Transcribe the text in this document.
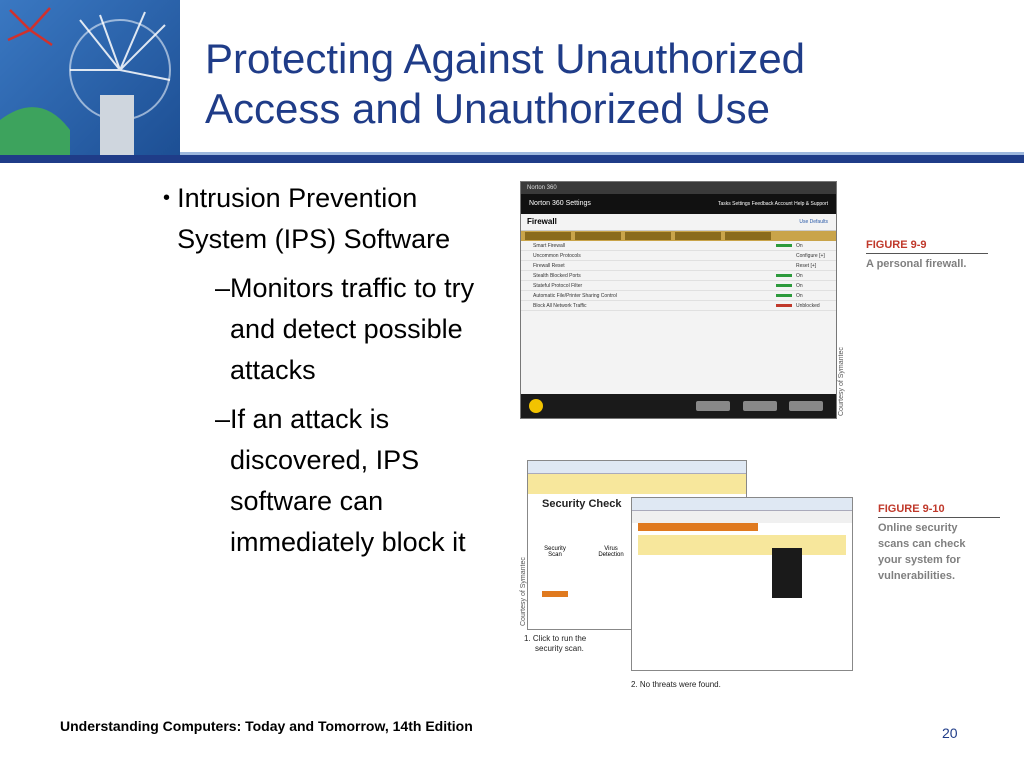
Protecting Against Unauthorized
Access and Unauthorized Use
• Intrusion Prevention System (IPS) Software
– Monitors traffic to try and detect possible attacks
– If an attack is discovered, IPS software can immediately block it
Norton 360
Norton 360 Settings	Tasks Settings Feedback Account Help & Support
Firewall	Use Defaults
Smart Firewall	On
Uncommon Protocols	Configure [+]
Firewall Reset	Reset [+]
Stealth Blocked Ports	On
Stateful Protocol Filter	On
Automatic File/Printer Sharing Control	On
Block All Network Traffic	Unblocked
Courtesy of Symantec
FIGURE 9-9
A personal firewall.
Security Check
Security Scan
Virus Detection
Courtesy of Symantec
1. Click to run the
security scan.
2. No threats were found.
FIGURE 9-10
Online security
scans can check
your system for
vulnerabilities.
Understanding Computers: Today and Tomorrow, 14th Edition	20
